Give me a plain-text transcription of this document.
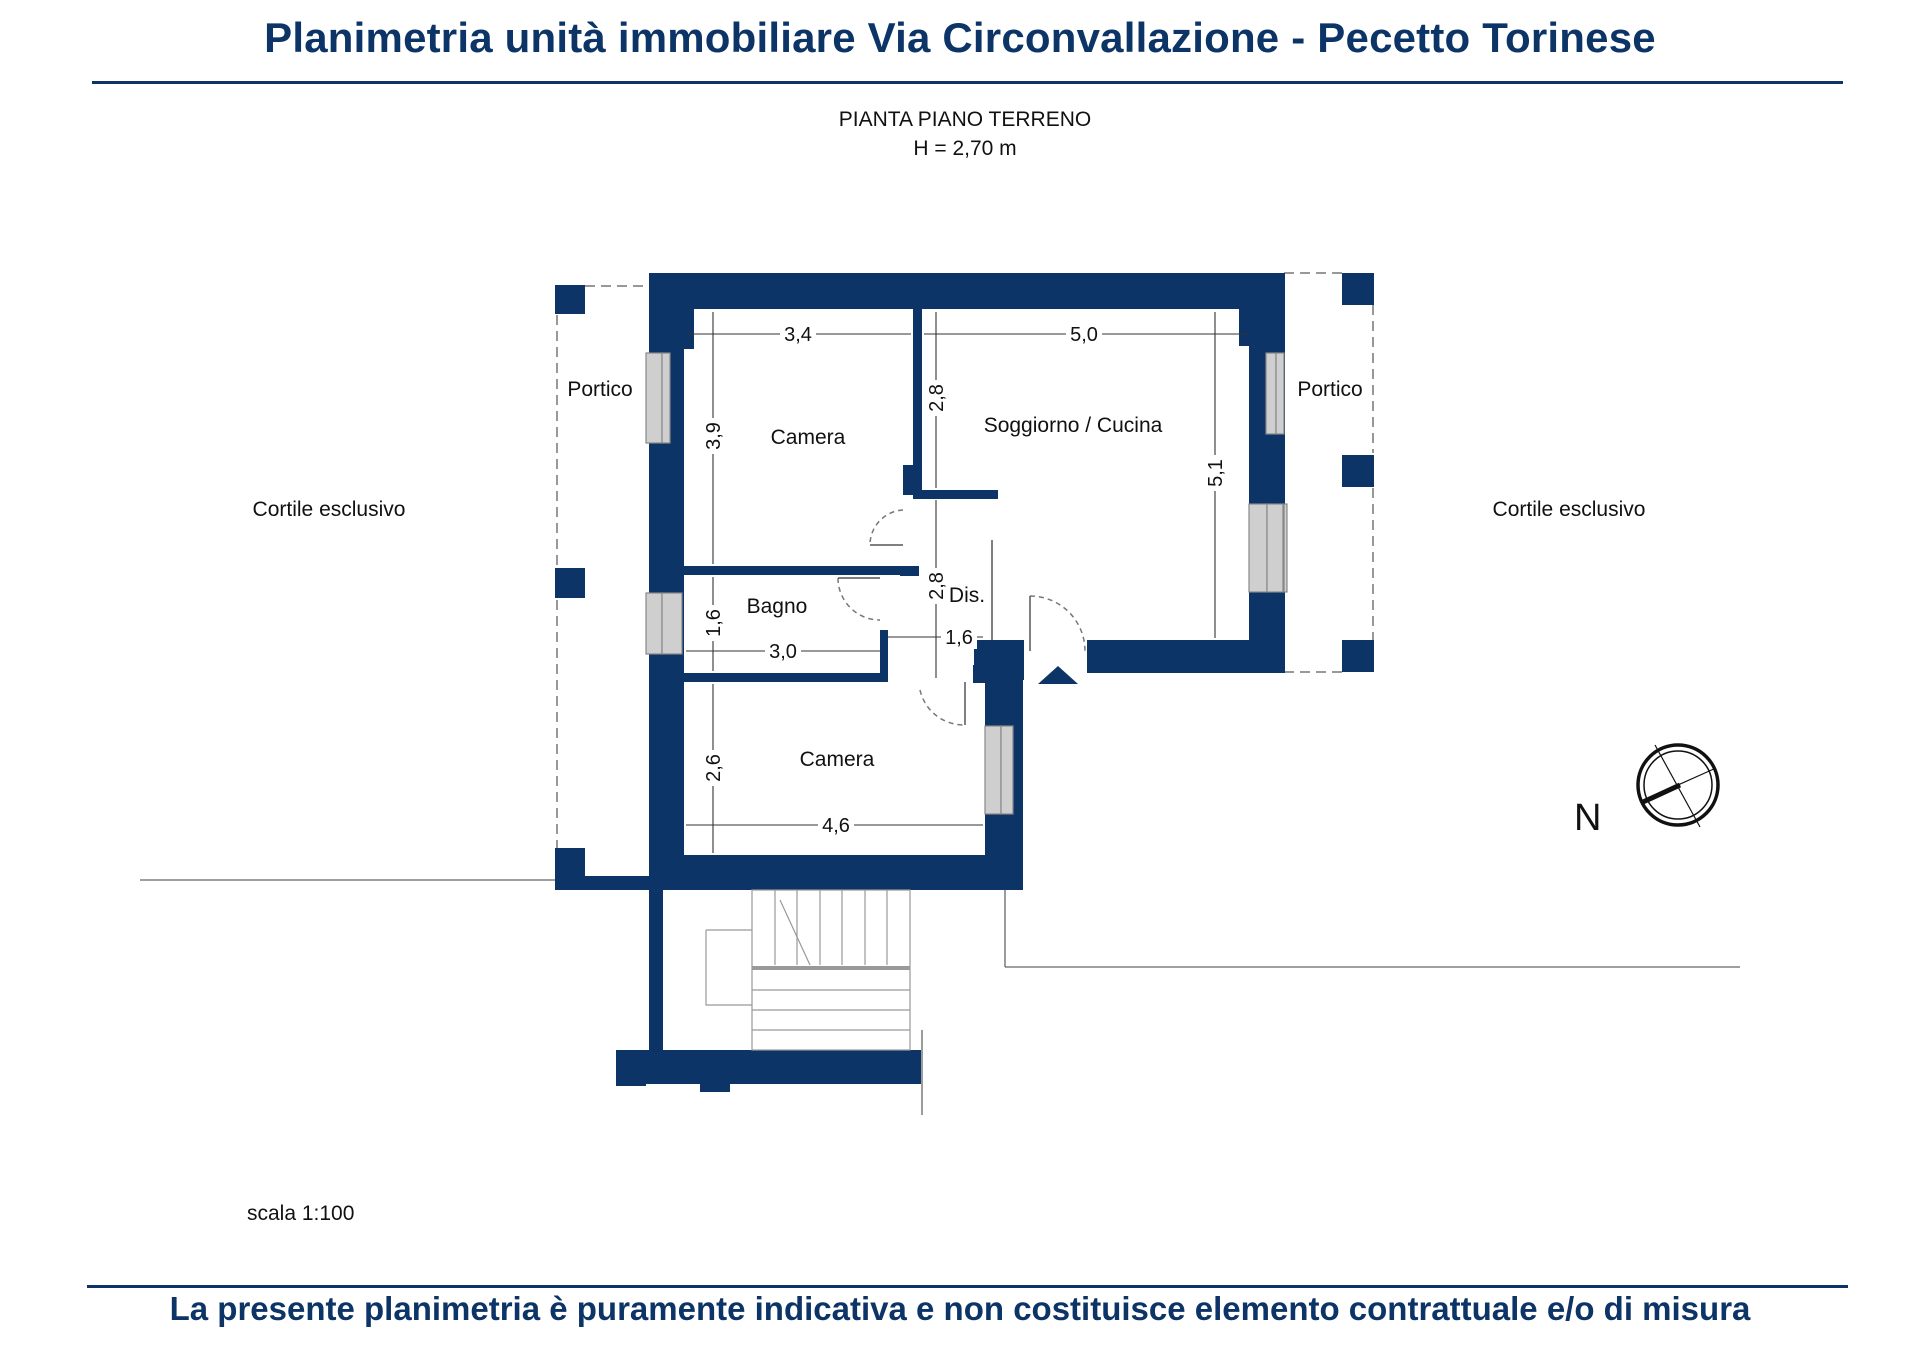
Planimetria unità immobiliare Via Circonvallazione - Pecetto Torinese
PIANTA PIANO TERRENO
H = 2,70 m
Camera
Soggiorno / Cucina
Bagno	Dis.
Camera
Portico	Portico
Cortile esclusivo	Cortile esclusivo
scala 1:100
N
3,4	5,0
3,9
2,8
5,1
2,8
1,6
3,0
1,6
2,6
4,6
La presente planimetria è puramente indicativa e non costituisce elemento contrattuale e/o di misura
